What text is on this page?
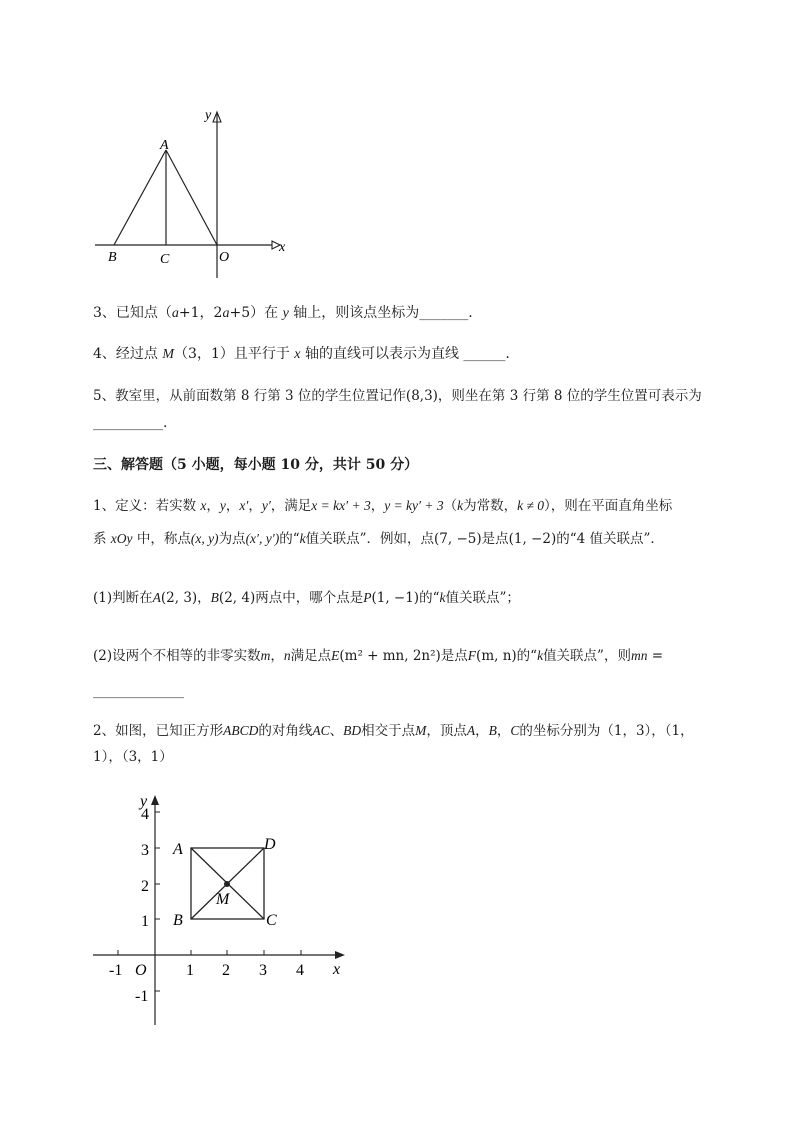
y
x
A
B	C	O
3、已知点（a+1，2a+5）在 y 轴上，则该点坐标为_______.
4、经过点 M（3，1）且平行于 x 轴的直线可以表示为直线 ______.
5、教室里，从前面数第 8 行第 3 位的学生位置记作(8,3)，则坐在第 3 行第 8 位的学生位置可表示为
__________.
三、解答题（5 小题，每小题 10 分，共计 50 分）
1、定义：若实数 x，y，x′，y′，满足x = kx′ + 3，y = ky′ + 3（k为常数，k ≠ 0），则在平面直角坐标
系 xOy 中，称点(x, y)为点(x′, y′)的“k值关联点”．例如，点(7, −5)是点(1, −2)的“4 值关联点”．
(1)判断在A(2, 3)，B(2, 4)两点中，哪个点是P(1, −1)的“k值关联点”；
(2)设两个不相等的非零实数m，n满足点E(m² + mn, 2n²)是点F(m, n)的“k值关联点”，则mn =
_____________
2、如图，已知正方形ABCD的对角线AC、BD相交于点M，顶点A，B，C的坐标分别为（1，3），（1，
1），（3，1）
-1	1 2 3 4
4
3
2
1
-1
O	x
y
A
B	C
D
M
